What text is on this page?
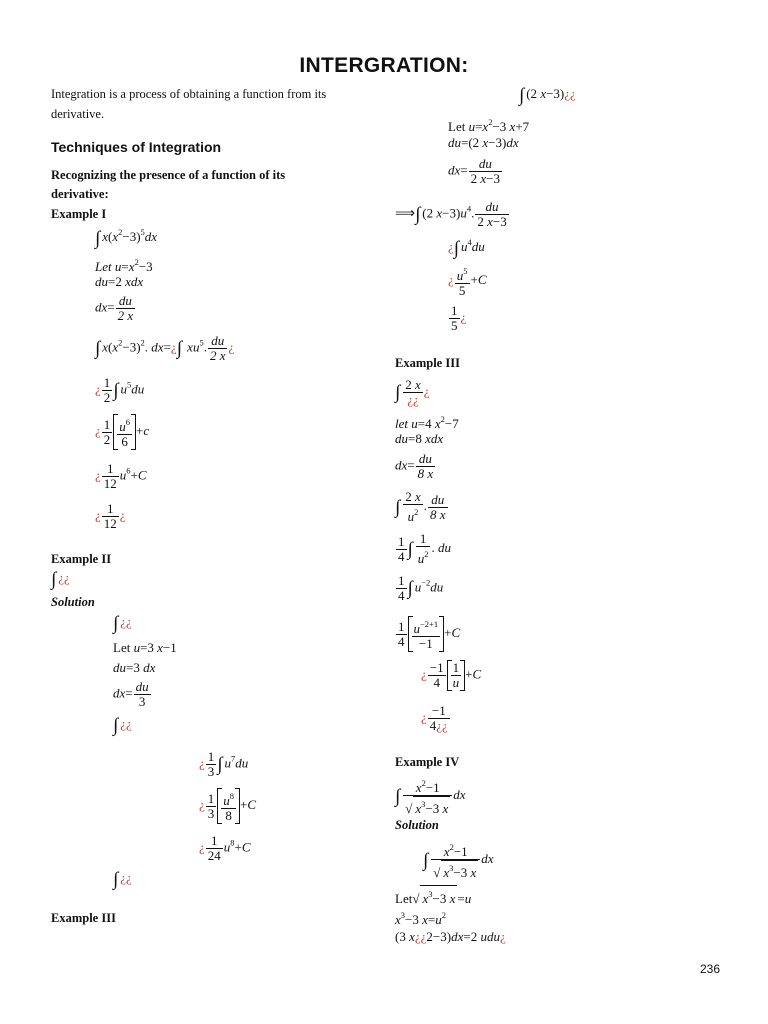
INTERGRATION:
Integration is a process of obtaining a function from its derivative.
Techniques of Integration
Recognizing the presence of a function of its derivative:
Example I
∫ $x(x^2-3)^5dx$
Let $u=x^2-3$
du=2 xdx
$dx= \frac{du}{2 x}$
∫ $x(x^2-3)^2$. dx=¿∫ $xu^5$. $\frac{du}{2 x}$ ¿
¿ $\frac{1}{2}$ ∫ $u^5du$
¿ $\frac{1}{2} \frac{u^6}{6} +c$
¿ $\frac{1}{12} u^6+C$
¿ $\frac{1}{12}$ ¿
Example II
∫ ¿¿
Solution
∫ ¿¿
Let u=3 x−1
du=3 dx
$dx= \frac{du}{3}$
∫ ¿¿
¿ $\frac{1}{3}$ ∫ $u^7du$
¿ $\frac{1}{3} \frac{u^8}{8} +C$
¿ $\frac{1}{24} u^8+C$
∫ ¿¿
Example III
∫ (2 x−3)¿¿
Let $u=x^2-3$ x+7
du=(2 x−3)dx
$dx= \frac{du}{2 x-3}$
⟹∫ (2 $x-3)u^4$. $\frac{du}{2 x-3}$
¿∫ $u^4du$
¿ $\frac{u^5}{5} +C$
$\frac{1}{5}$ ¿
Example III
∫ $\frac{2 x}{¿¿}$ ¿
let u=4 $x^2-7$
du=8 xdx
$dx= \frac{du}{8 x}$
∫ $\frac{2 x}{u^2}$ . $\frac{du}{8 x}$
$\frac{1}{4}$ ∫ $\frac{1}{u^2}$ . du
$\frac{1}{4}$ ∫ $u^{-2}du$
$\frac{1}{4} \frac{u^{-2+1}}{-1} +C$
¿ $\frac{-1}{4} \frac{1}{u} +C$
¿ $\frac{-1}{4¿¿}$
Example IV
∫ $\frac{x^2-1}{√ x^3-3 x}$ dx
Solution
∫ $\frac{x^2-1}{√ x^3-3 x}$ dx
Let√ $x^3-3$ x =u
$x^3-3$ $x=u^2$
(3 x¿¿2−3)dx=2 udu¿
236
